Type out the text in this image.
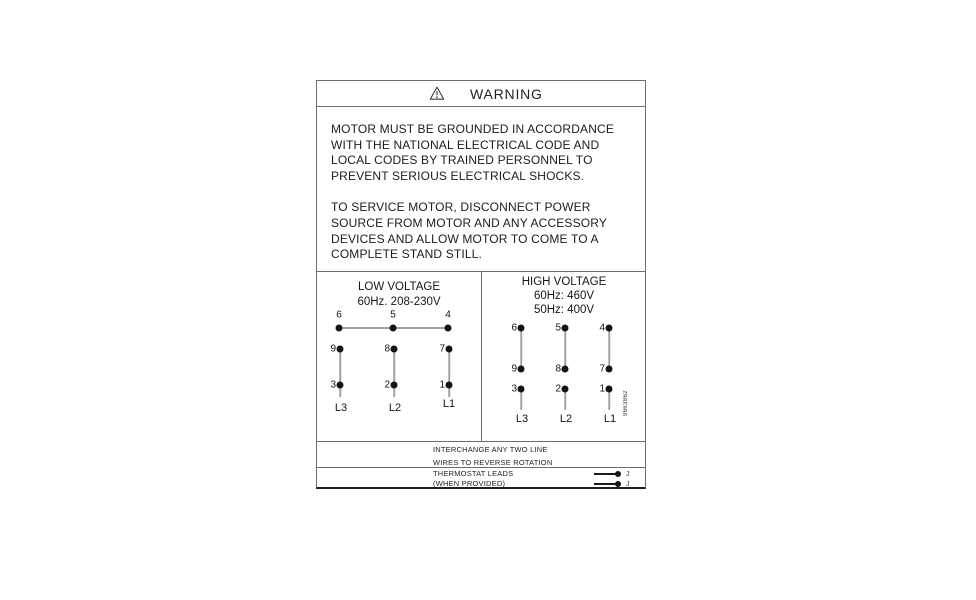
WARNING
MOTOR MUST BE GROUNDED IN ACCORDANCE
WITH THE NATIONAL ELECTRICAL CODE AND
LOCAL CODES BY TRAINED PERSONNEL TO
PREVENT SERIOUS ELECTRICAL SHOCKS.
TO SERVICE MOTOR, DISCONNECT POWER
SOURCE FROM MOTOR AND ANY ACCESSORY
DEVICES AND ALLOW MOTOR TO COME TO A
COMPLETE STAND STILL.
LOW VOLTAGE
60Hz. 208-230V
6	5	4
9	8	7
3	2	1
L3	L2	L1
HIGH VOLTAGE
60Hz: 460V
50Hz: 400V
6	5	4
9	8	7
3	2	1
L3	L2	L1
9663862
INTERCHANGE ANY TWO LINE
WIRES TO REVERSE ROTATION
THERMOSTAT LEADS
(WHEN PROVIDED)
J
J
